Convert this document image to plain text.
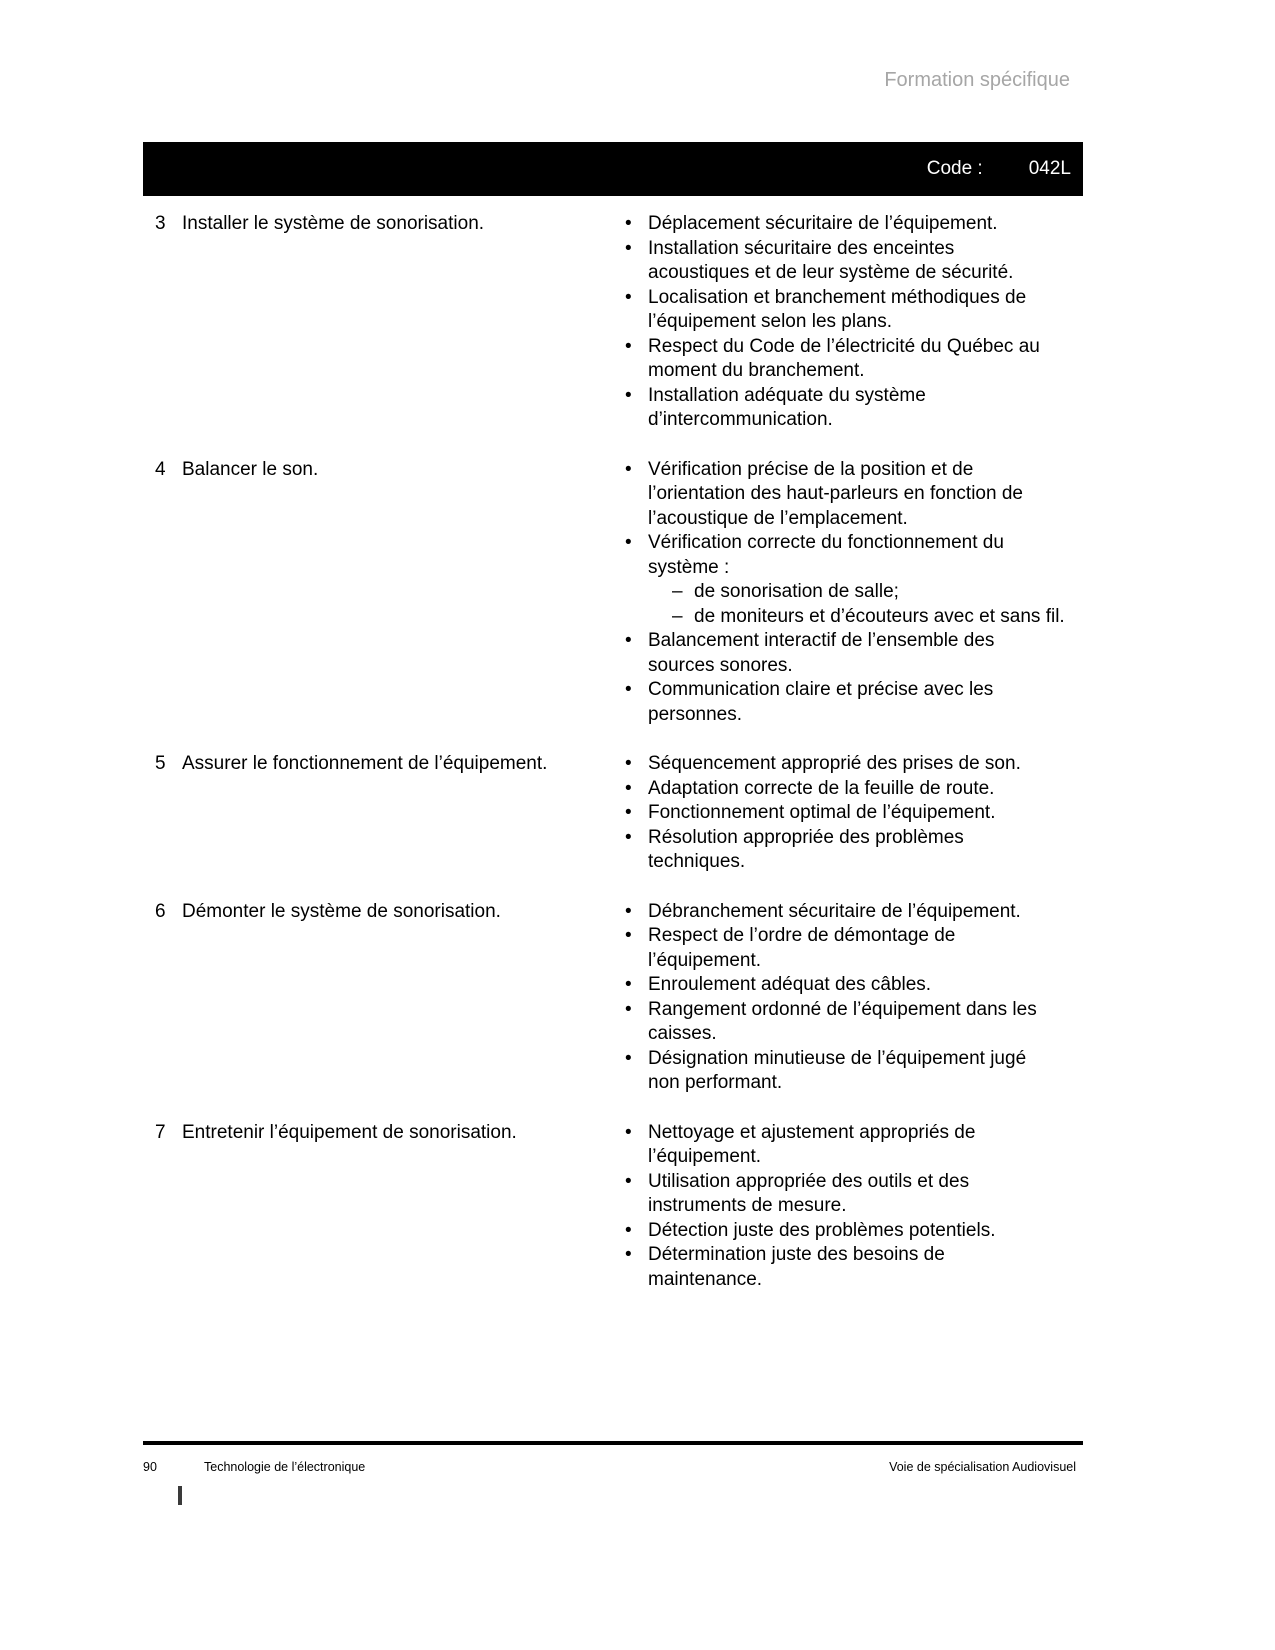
Formation spécifique
Code : 042L
3 Installer le système de sonorisation.	• Déplacement sécuritaire de l’équipement.
• Installation sécuritaire des enceintes acoustiques et de leur système de sécurité.
• Localisation et branchement méthodiques de l’équipement selon les plans.
• Respect du Code de l’électricité du Québec au moment du branchement.
• Installation adéquate du système d’intercommunication.
4 Balancer le son.	• Vérification précise de la position et de l’orientation des haut-parleurs en fonction de l’acoustique de l’emplacement.
• Vérification correcte du fonctionnement du système :
– de sonorisation de salle;
– de moniteurs et d’écouteurs avec et sans fil.
• Balancement interactif de l’ensemble des sources sonores.
• Communication claire et précise avec les personnes.
5 Assurer le fonctionnement de l’équipement.	• Séquencement approprié des prises de son.
• Adaptation correcte de la feuille de route.
• Fonctionnement optimal de l’équipement.
• Résolution appropriée des problèmes techniques.
6 Démonter le système de sonorisation.	• Débranchement sécuritaire de l’équipement.
• Respect de l’ordre de démontage de l’équipement.
• Enroulement adéquat des câbles.
• Rangement ordonné de l’équipement dans les caisses.
• Désignation minutieuse de l’équipement jugé non performant.
7 Entretenir l’équipement de sonorisation.	• Nettoyage et ajustement appropriés de l’équipement.
• Utilisation appropriée des outils et des instruments de mesure.
• Détection juste des problèmes potentiels.
• Détermination juste des besoins de maintenance.
90	Technologie de l’électronique	Voie de spécialisation Audiovisuel
